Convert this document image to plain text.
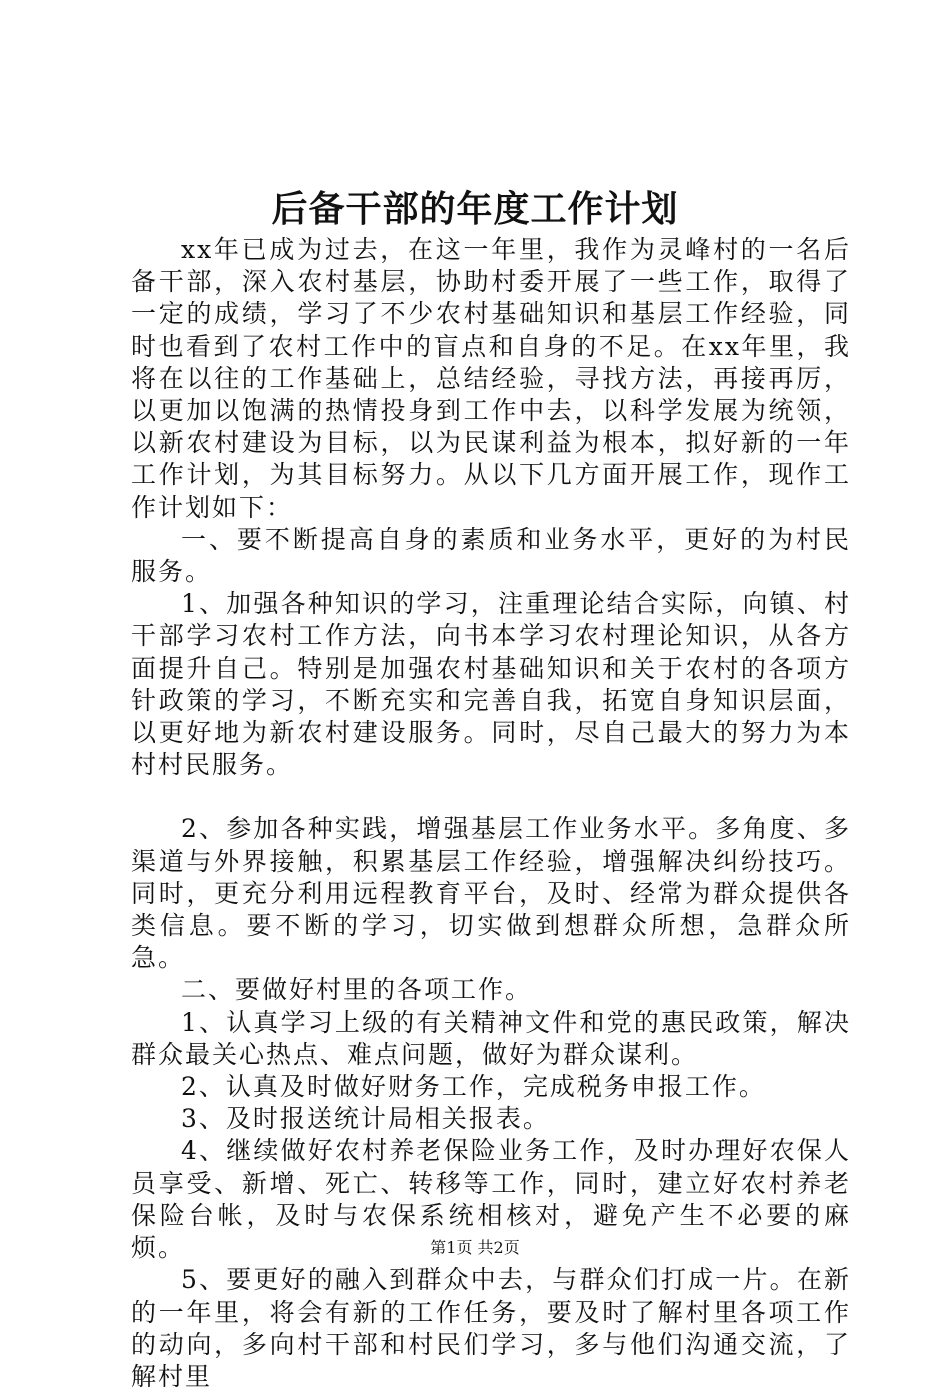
后备干部的年度工作计划

xx年已成为过去，在这一年里，我作为灵峰村的一名后备干部，深入农村基层，协助村委开展了一些工作，取得了一定的成绩，学习了不少农村基础知识和基层工作经验，同时也看到了农村工作中的盲点和自身的不足。在xx年里，我将在以往的工作基础上，总结经验，寻找方法，再接再厉，以更加以饱满的热情投身到工作中去，以科学发展为统领，以新农村建设为目标，以为民谋利益为根本，拟好新的一年工作计划，为其目标努力。从以下几方面开展工作，现作工作计划如下：

一、要不断提高自身的素质和业务水平，更好的为村民服务。

1、加强各种知识的学习，注重理论结合实际，向镇、村干部学习农村工作方法，向书本学习农村理论知识，从各方面提升自己。特别是加强农村基础知识和关于农村的各项方针政策的学习，不断充实和完善自我，拓宽自身知识层面，以更好地为新农村建设服务。同时，尽自己最大的努力为本村村民服务。

2、参加各种实践，增强基层工作业务水平。多角度、多渠道与外界接触，积累基层工作经验，增强解决纠纷技巧。同时，更充分利用远程教育平台，及时、经常为群众提供各类信息。要不断的学习，切实做到想群众所想，急群众所急。

二、要做好村里的各项工作。

1、认真学习上级的有关精神文件和党的惠民政策，解决群众最关心热点、难点问题，做好为群众谋利。

2、认真及时做好财务工作，完成税务申报工作。

3、及时报送统计局相关报表。

4、继续做好农村养老保险业务工作，及时办理好农保人员享受、新增、死亡、转移等工作，同时，建立好农村养老保险台帐，及时与农保系统相核对，避免产生不必要的麻烦。

5、要更好的融入到群众中去，与群众们打成一片。在新的一年里，将会有新的工作任务，要及时了解村里各项工作的动向，多向村干部和村民们学习，多与他们沟通交流，了解村里

第1页 共2页
